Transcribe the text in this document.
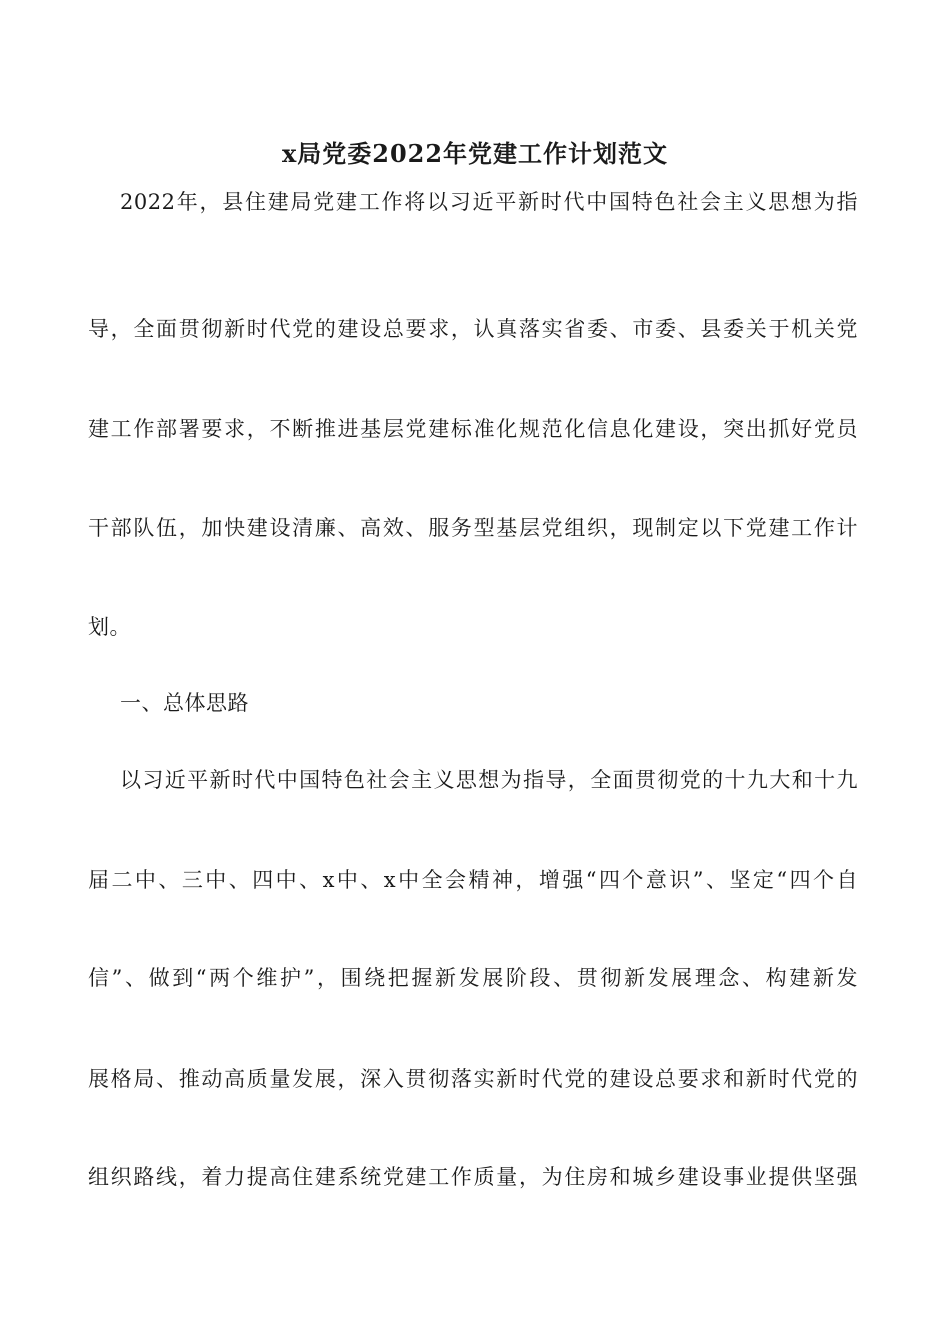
x局党委2022年党建工作计划范文
2022年，县住建局党建工作将以习近平新时代中国特色社会主义思想为指
导，全面贯彻新时代党的建设总要求，认真落实省委、市委、县委关于机关党
建工作部署要求，不断推进基层党建标准化规范化信息化建设，突出抓好党员
干部队伍，加快建设清廉、高效、服务型基层党组织，现制定以下党建工作计
划。
一、总体思路
以习近平新时代中国特色社会主义思想为指导，全面贯彻党的十九大和十九
届二中、三中、四中、x中、x中全会精神，增强“四个意识”、坚定“四个自
信”、做到“两个维护”，围绕把握新发展阶段、贯彻新发展理念、构建新发
展格局、推动高质量发展，深入贯彻落实新时代党的建设总要求和新时代党的
组织路线，着力提高住建系统党建工作质量，为住房和城乡建设事业提供坚强
